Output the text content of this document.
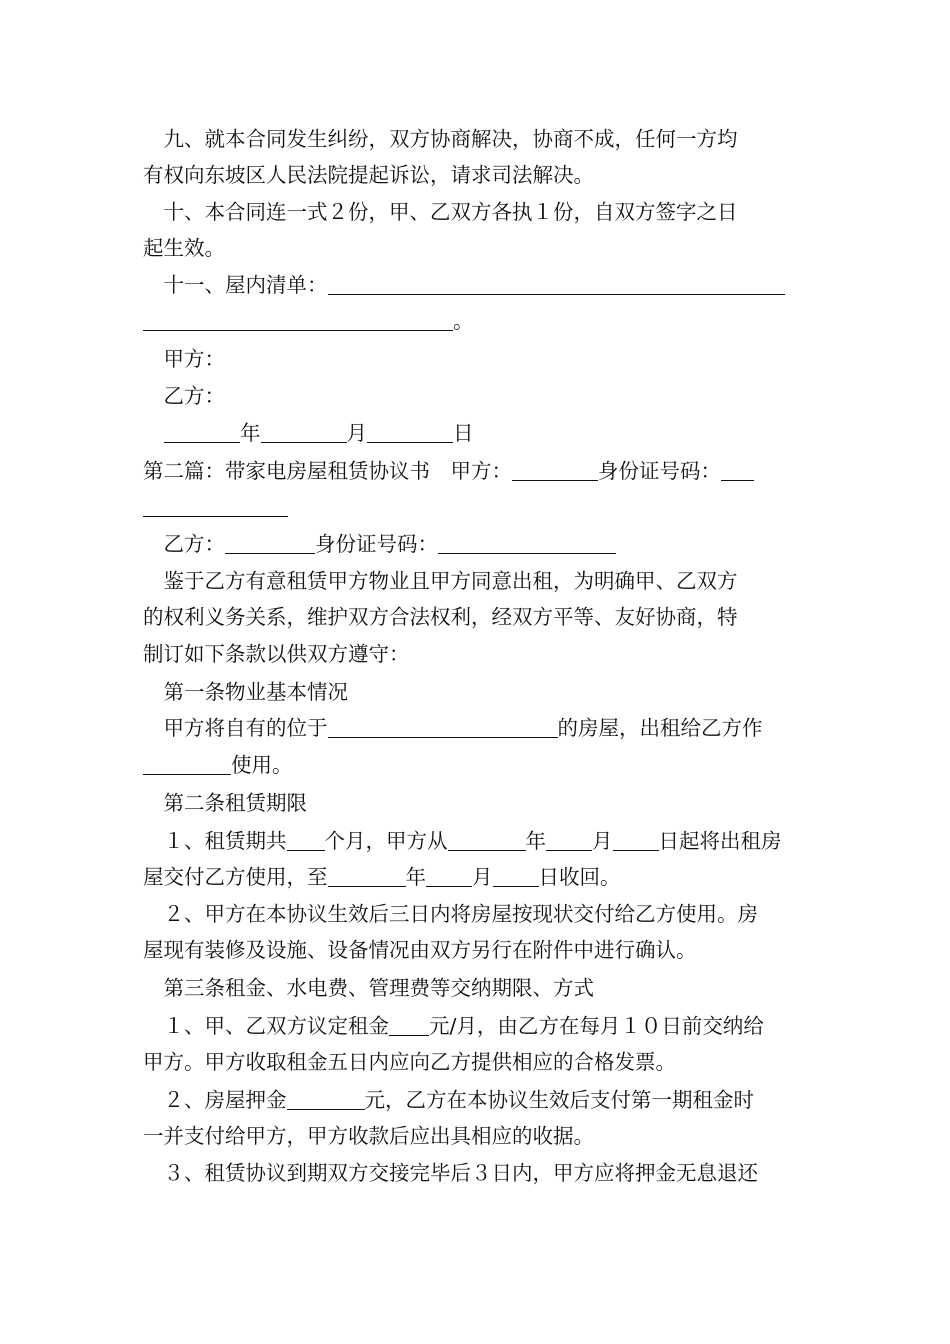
　九、就本合同发生纠纷，双方协商解决，协商不成，任何一方均
有权向东坡区人民法院提起诉讼，请求司法解决。
　十、本合同连一式２份，甲、乙双方各执１份，自双方签字之日
起生效。
　十一、屋内清单：
。
　甲方：
　乙方：
年	月	日
第二篇：带家电房屋租赁协议书　甲方：	身份证号码：
　乙方：	身份证号码：
　鉴于乙方有意租赁甲方物业且甲方同意出租，为明确甲、乙双方
的权利义务关系，维护双方合法权利，经双方平等、友好协商，特
制订如下条款以供双方遵守：
　第一条物业基本情况
　甲方将自有的位于	的房屋，出租给乙方作
使用。
　第二条租赁期限
　１、租赁期共 个月，甲方从	年 月 日起将出租房
屋交付乙方使用，至	年 月 日收回。
　２、甲方在本协议生效后三日内将房屋按现状交付给乙方使用。房
屋现有装修及设施、设备情况由双方另行在附件中进行确认。
　第三条租金、水电费、管理费等交纳期限、方式
　１、甲、乙双方议定租金 元/月，由乙方在每月１０日前交纳给
甲方。甲方收取租金五日内应向乙方提供相应的合格发票。
　２、房屋押金	元，乙方在本协议生效后支付第一期租金时
一并支付给甲方，甲方收款后应出具相应的收据。
　３、租赁协议到期双方交接完毕后３日内，甲方应将押金无息退还
